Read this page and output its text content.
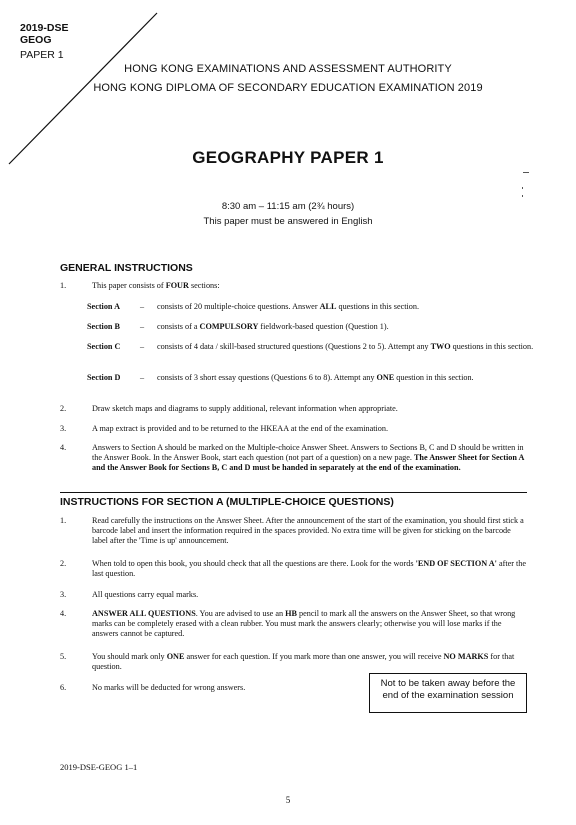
2019-DSE
GEOG
PAPER 1
HONG KONG EXAMINATIONS AND ASSESSMENT AUTHORITY
HONG KONG DIPLOMA OF SECONDARY EDUCATION EXAMINATION 2019
GEOGRAPHY PAPER 1
8:30 am – 11:15 am (2¾ hours)
This paper must be answered in English
GENERAL INSTRUCTIONS
1.	This paper consists of FOUR sections:
Section A – consists of 20 multiple-choice questions. Answer ALL questions in this section.
Section B – consists of a COMPULSORY fieldwork-based question (Question 1).
Section C – consists of 4 data / skill-based structured questions (Questions 2 to 5). Attempt any TWO questions in this section.
Section D – consists of 3 short essay questions (Questions 6 to 8). Attempt any ONE question in this section.
2.	Draw sketch maps and diagrams to supply additional, relevant information when appropriate.
3.	A map extract is provided and to be returned to the HKEAA at the end of the examination.
4.	Answers to Section A should be marked on the Multiple-choice Answer Sheet. Answers to Sections B, C and D should be written in the Answer Book. In the Answer Book, start each question (not part of a question) on a new page. The Answer Sheet for Section A and the Answer Book for Sections B, C and D must be handed in separately at the end of the examination.
INSTRUCTIONS FOR SECTION A (MULTIPLE-CHOICE QUESTIONS)
1.	Read carefully the instructions on the Answer Sheet. After the announcement of the start of the examination, you should first stick a barcode label and insert the information required in the spaces provided. No extra time will be given for sticking on the barcode label after the 'Time is up' announcement.
2.	When told to open this book, you should check that all the questions are there. Look for the words 'END OF SECTION A' after the last question.
3.	All questions carry equal marks.
4.	ANSWER ALL QUESTIONS. You are advised to use an HB pencil to mark all the answers on the Answer Sheet, so that wrong marks can be completely erased with a clean rubber. You must mark the answers clearly; otherwise you will lose marks if the answers cannot be captured.
5.	You should mark only ONE answer for each question. If you mark more than one answer, you will receive NO MARKS for that question.
6.	No marks will be deducted for wrong answers.	Not to be taken away before the
end of the examination session
2019-DSE-GEOG 1–1
5
